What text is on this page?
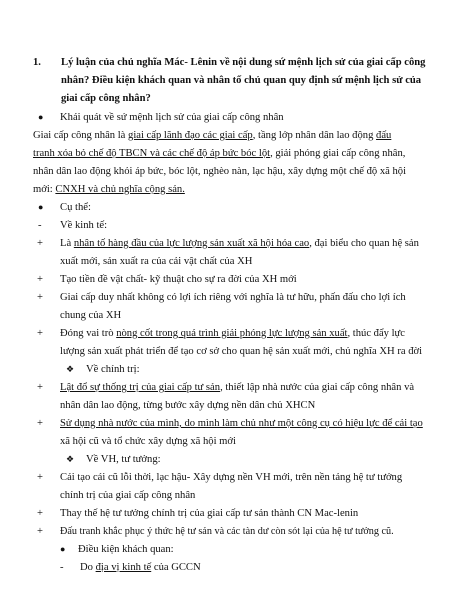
1. Lý luận của chủ nghĩa Mác- Lênin về nội dung sứ mệnh lịch sử của giai cấp công
nhân? Điều kiện khách quan và nhân tố chủ quan quy định sứ mệnh lịch sử của
giai cấp công nhân?
● Khái quát về sứ mệnh lịch sử của giai cấp công nhân
Giai cấp công nhân là giai cấp lãnh đạo các giai cấp, tầng lớp nhân dân lao động đấu
tranh xóa bỏ chế độ TBCN và các chế độ áp bức bóc lột, giải phóng giai cấp công nhân,
nhân dân lao động khỏi áp bức, bóc lột, nghèo nàn, lạc hậu, xây dựng một chế độ xã hội
mới: CNXH và chủ nghĩa cộng sản.
● Cụ thể:
- Về kinh tế:
+ Là nhân tố hàng đầu của lực lượng sản xuất xã hội hóa cao, đại biểu cho quan hệ sản
xuất mới, sản xuất ra của cải vật chất của XH
+ Tạo tiền đề vật chất- kỹ thuật cho sự ra đời của XH mới
+ Giai cấp duy nhất không có lợi ích riêng với nghĩa là tư hữu, phấn đấu cho lợi ích
chung của XH
+ Đóng vai trò nòng cốt trong quá trình giải phóng lực lượng sản xuất, thúc đẩy lực
lượng sản xuất phát triển để tạo cơ sở cho quan hệ sản xuất mới, chủ nghĩa XH ra đời
❖ Về chính trị:
+ Lật đổ sự thống trị của giai cấp tư sản, thiết lập nhà nước của giai cấp công nhân và
nhân dân lao động, từng bước xây dựng nền dân chủ XHCN
+ Sử dụng nhà nước của mình, do mình làm chủ như một công cụ có hiệu lực để cải tạo
xã hội cũ và tổ chức xây dựng xã hội mới
❖ Về VH, tư tưởng:
+ Cải tạo cái cũ lỗi thời, lạc hậu- Xây dựng nền VH mới, trên nền tảng hệ tư tưởng
chính trị của giai cấp công nhân
+ Thay thế hệ tư tưởng chính trị của giai cấp tư sản thành CN Mac-lenin
+ Đấu tranh khắc phục ý thức hệ tư sản và các tàn dư còn sót lại của hệ tư tưởng cũ.
● Điều kiện khách quan:
- Do địa vị kinh tế của GCCN
